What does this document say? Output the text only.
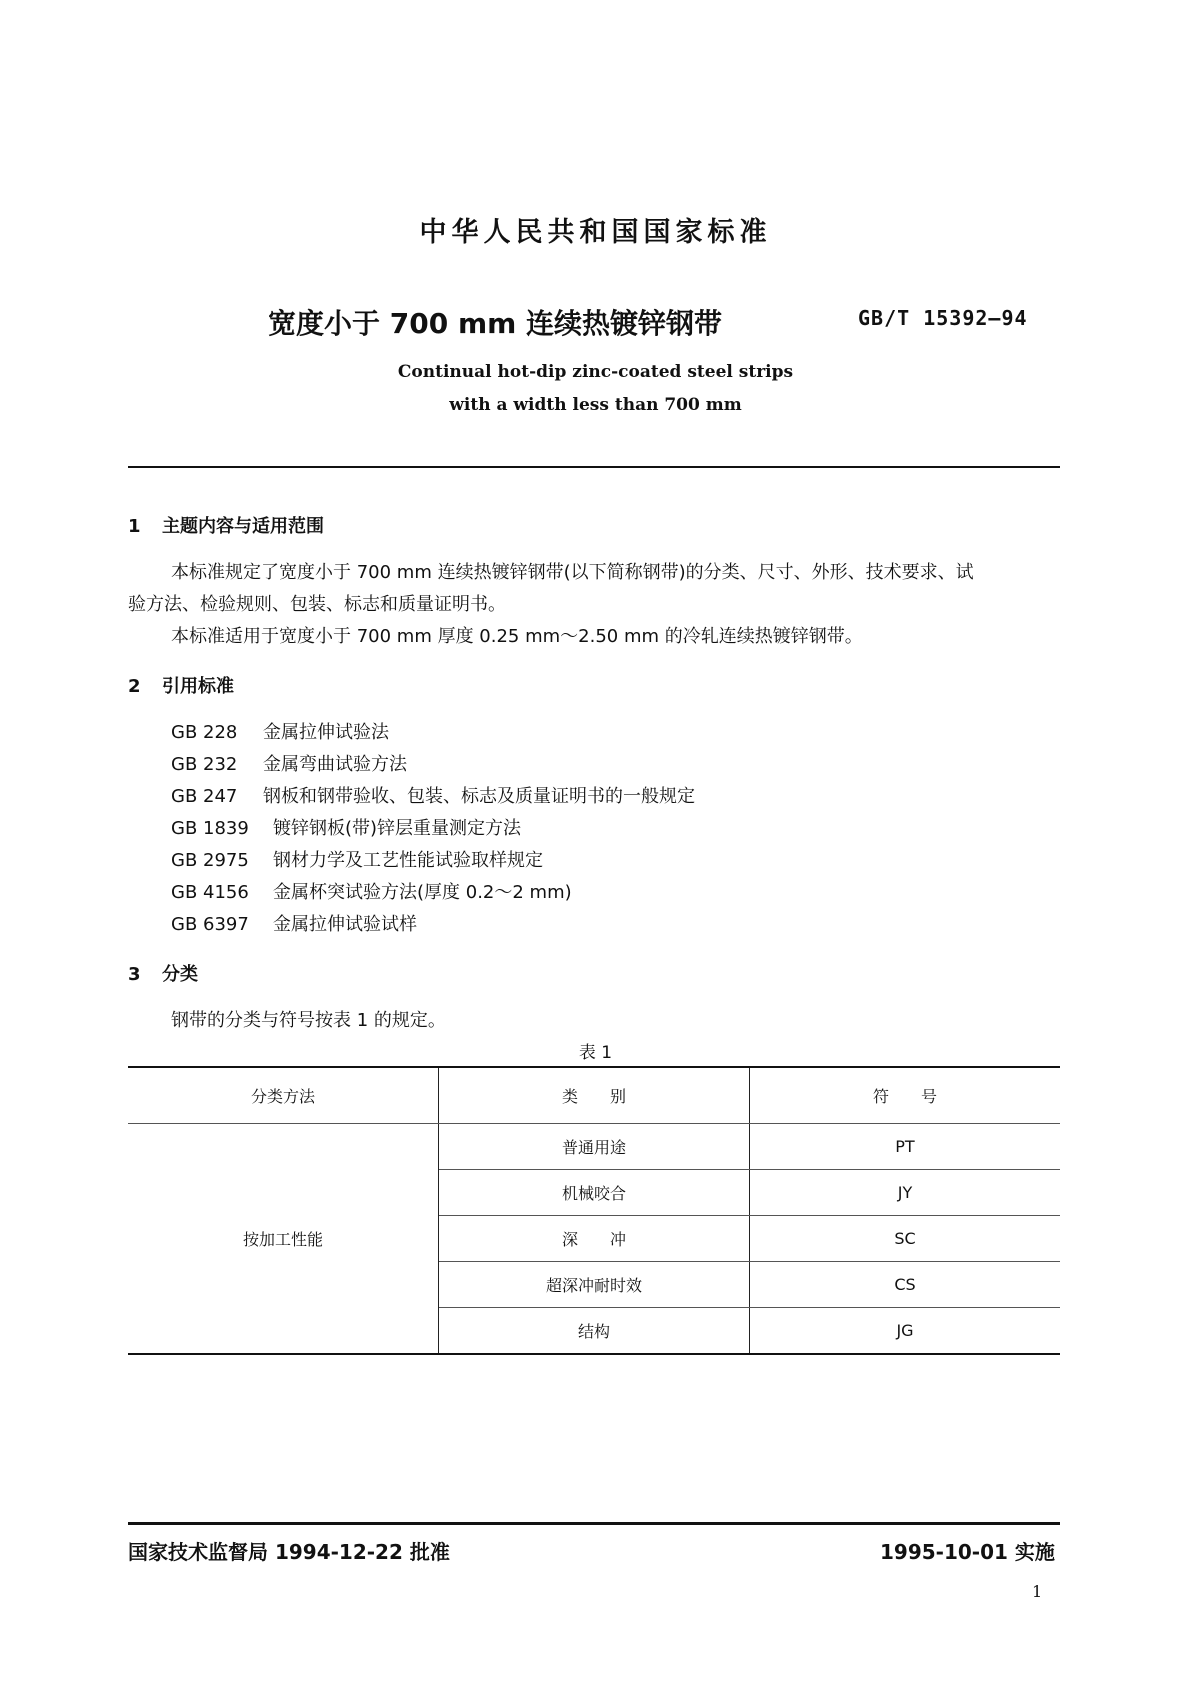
中华人民共和国国家标准
宽度小于 700 mm 连续热镀锌钢带	GB/T 15392—94
Continual hot-dip zinc-coated steel strips
with a width less than 700 mm
1 主题内容与适用范围
本标准规定了宽度小于 700 mm 连续热镀锌钢带(以下简称钢带)的分类、尺寸、外形、技术要求、试
验方法、检验规则、包装、标志和质量证明书。
本标准适用于宽度小于 700 mm 厚度 0.25 mm～2.50 mm 的冷轧连续热镀锌钢带。
2 引用标准
GB 228 金属拉伸试验法
GB 232 金属弯曲试验方法
GB 247 钢板和钢带验收、包装、标志及质量证明书的一般规定
GB 1839 镀锌钢板(带)锌层重量测定方法
GB 2975 钢材力学及工艺性能试验取样规定
GB 4156 金属杯突试验方法(厚度 0.2～2 mm)
GB 6397 金属拉伸试验试样
3 分类
钢带的分类与符号按表 1 的规定。
表 1
分类方法	类　　别	符　　号
按加工性能	普通用途	PT
	机械咬合	JY
	深　　冲	SC
	超深冲耐时效	CS
	结构	JG
国家技术监督局 1994-12-22 批准	1995-10-01 实施
1
